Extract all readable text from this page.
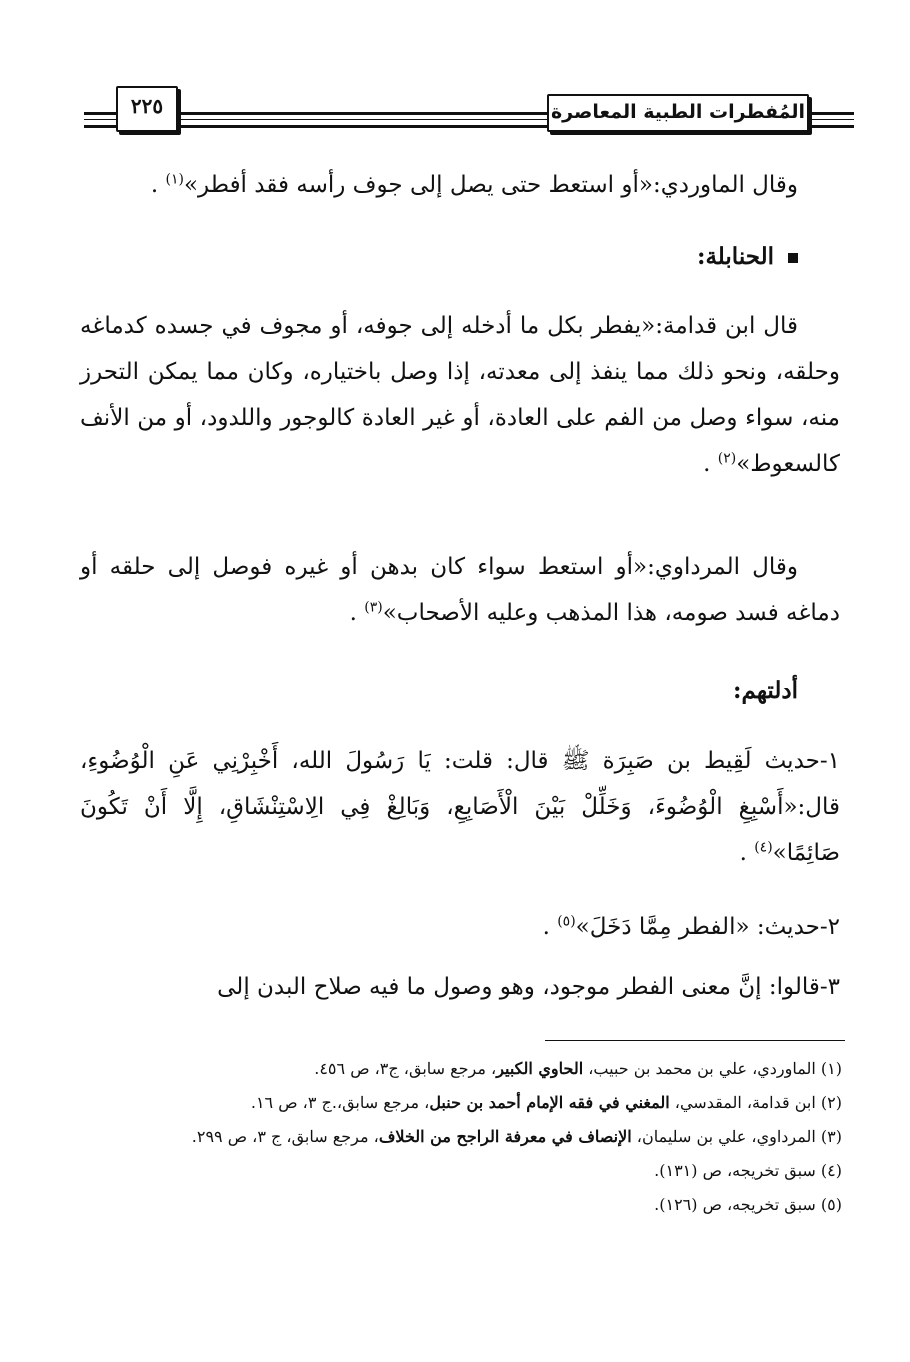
٢٢٥	المُفطرات الطبية المعاصرة

وقال الماوردي:«أو استعط حتى يصل إلى جوف رأسه فقد أفطر»$^{(١)}$ .

الحنابلة:

قال ابن قدامة:«يفطر بكل ما أدخله إلى جوفه، أو مجوف في جسده كدماغه وحلقه، ونحو ذلك مما ينفذ إلى معدته، إذا وصل باختياره، وكان مما يمكن التحرز منه، سواء وصل من الفم على العادة، أو غير العادة كالوجور واللدود، أو من الأنف كالسعوط»$^{(٢)}$ .

وقال المرداوي:«أو استعط سواء كان بدهن أو غيره فوصل إلى حلقه أو دماغه فسد صومه، هذا المذهب وعليه الأصحاب»$^{(٣)}$ .

أدلتهم:

١-حديث لَقِيط بن صَبِرَة ﷺ قال: قلت: يَا رَسُولَ الله، أَخْبِرْنِي عَنِ الْوُضُوءِ، قال:«أَسْبِغِ الْوُضُوءَ، وَخَلِّلْ بَيْنَ الْأَصَابِعِ، وَبَالِغْ فِي الِاسْتِنْشَاقِ، إِلَّا أَنْ تَكُونَ صَائِمًا»$^{(٤)}$ .

٢-حديث: «الفطر مِمَّا دَخَلَ»$^{(٥)}$ .

٣-قالوا: إنَّ معنى الفطر موجود، وهو وصول ما فيه صلاح البدن إلى

(١) الماوردي، علي بن محمد بن حبيب، الحاوي الكبير، مرجع سابق، ج٣، ص ٤٥٦.

(٢) ابن قدامة، المقدسي، المغني في فقه الإمام أحمد بن حنبل، مرجع سابق،.ج ٣، ص ١٦.

(٣) المرداوي، علي بن سليمان، الإنصاف في معرفة الراجح من الخلاف، مرجع سابق، ج ٣، ص ٢٩٩.

(٤) سبق تخريجه، ص (١٣١).

(٥) سبق تخريجه، ص (١٢٦).
